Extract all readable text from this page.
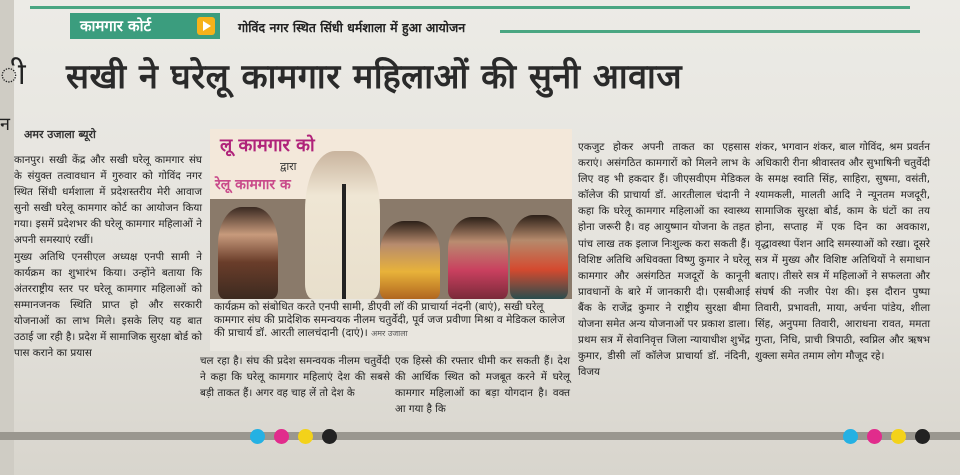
ी
न
कामगार कोर्ट	गोविंद नगर स्थित सिंधी धर्मशाला में हुआ आयोजन
सखी ने घरेलू कामगार महिलाओं की सुनी आवाज
अमर उजाला ब्यूरो

कानपुर। सखी केंद्र और सखी घरेलू कामगार संघ के संयुक्त तत्वावधान में गुरुवार को गोविंद नगर स्थित सिंधी धर्मशाला में प्रदेशस्तरीय मेरी आवाज सुनो सखी घरेलू कामगार कोर्ट का आयोजन किया गया। इसमें प्रदेशभर की घरेलू कामगार महिलाओं ने अपनी समस्याएं रखीं।

मुख्य अतिथि एनसीएल अध्यक्ष एनपी सामी ने कार्यक्रम का शुभारंभ किया। उन्होंने बताया कि अंतरराष्ट्रीय स्तर पर घरेलू कामगार महिलाओं को सम्मानजनक स्थिति प्राप्त हो और सरकारी योजनाओं का लाभ मिले। इसके लिए यह बात उठाई जा रही है। प्रदेश में सामाजिक सुरक्षा बोर्ड को पास कराने का प्रयास

लू कामगार को
द्वारा
रेलू कामगार क
कार्यक्रम को संबोधित करते एनपी सामी, डीएवी लॉ की प्राचार्या नंदनी (बाएं), सखी घरेलू कामगार संघ की प्रादेशिक समन्वयक नीलम चतुर्वेदी, पूर्व जज प्रवीणा मिश्रा व मेडिकल कालेज की प्राचार्य डॉ. आरती लालचंदानी (दाएं)। अमर उजाला
चल रहा है। संघ की प्रदेश समन्वयक नीलम चतुर्वेदी ने कहा कि घरेलू कामगार महिलाएं देश की सबसे बड़ी ताकत हैं। अगर वह चाह लें तो देश के
एक हिस्से की रफ्तार धीमी कर सकती हैं। देश की आर्थिक स्थित को मजबूत करने में घरेलू कामगार महिलाओं का बड़ा योगदान है। वक्त आ गया है कि
एकजुट होकर अपनी ताकत का एहसास कराएं। असंगठित कामगारों को मिलने लाभ के लिए वह भी हकदार हैं। जीएसवीएम मेडिकल कॉलेज की प्राचार्या डॉ. आरतीलाल चंदानी ने कहा कि घरेलू कामगार महिलाओं का स्वास्थ्य होना जरूरी है। वह आयुष्मान योजना के तहत पांच लाख तक इलाज निःशुल्क करा सकती हैं। विशिष्ट अतिथि अधिवक्ता विष्णु कुमार ने घरेलू कामगार और असंगठित मजदूरों के कानूनी प्रावधानों के बारे में जानकारी दी। एसबीआई बैंक के राजेंद्र कुमार ने राष्ट्रीय सुरक्षा बीमा योजना समेत अन्य योजनाओं पर प्रकाश डाला। प्रथम सत्र में सेवानिवृत्त जिला न्यायाधीश शुभेंद्र कुमार, डीसी लॉ कॉलेज प्राचार्या डॉ. नंदिनी, विजय
शंकर, भगवान शंकर, बाल गोविंद, श्रम प्रवर्तन अधिकारी रीना श्रीवास्तव और सुभाषिनी चतुर्वेदी के समक्ष स्वाति सिंह, साहिरा, सुषमा, वसंती, श्यामकली, मालती आदि ने न्यूनतम मजदूरी, सामाजिक सुरक्षा बोर्ड, काम के घंटों का तय होना, सप्ताह में एक दिन का अवकाश, वृद्धावस्था पेंशन आदि समस्याओं को रखा। दूसरे सत्र में मुख्य और विशिष्ट अतिथियों ने समाधान बताए। तीसरे सत्र में महिलाओं ने सफलता और संघर्ष की नजीर पेश की। इस दौरान पुष्पा तिवारी, प्रभावती, माया, अर्चना पांडेय, शीला सिंह, अनुपमा तिवारी, आराधना रावत, ममता गुप्ता, निधि, प्राची त्रिपाठी, स्वप्निल और ऋषभ शुक्ला समेत तमाम लोग मौजूद रहे।
